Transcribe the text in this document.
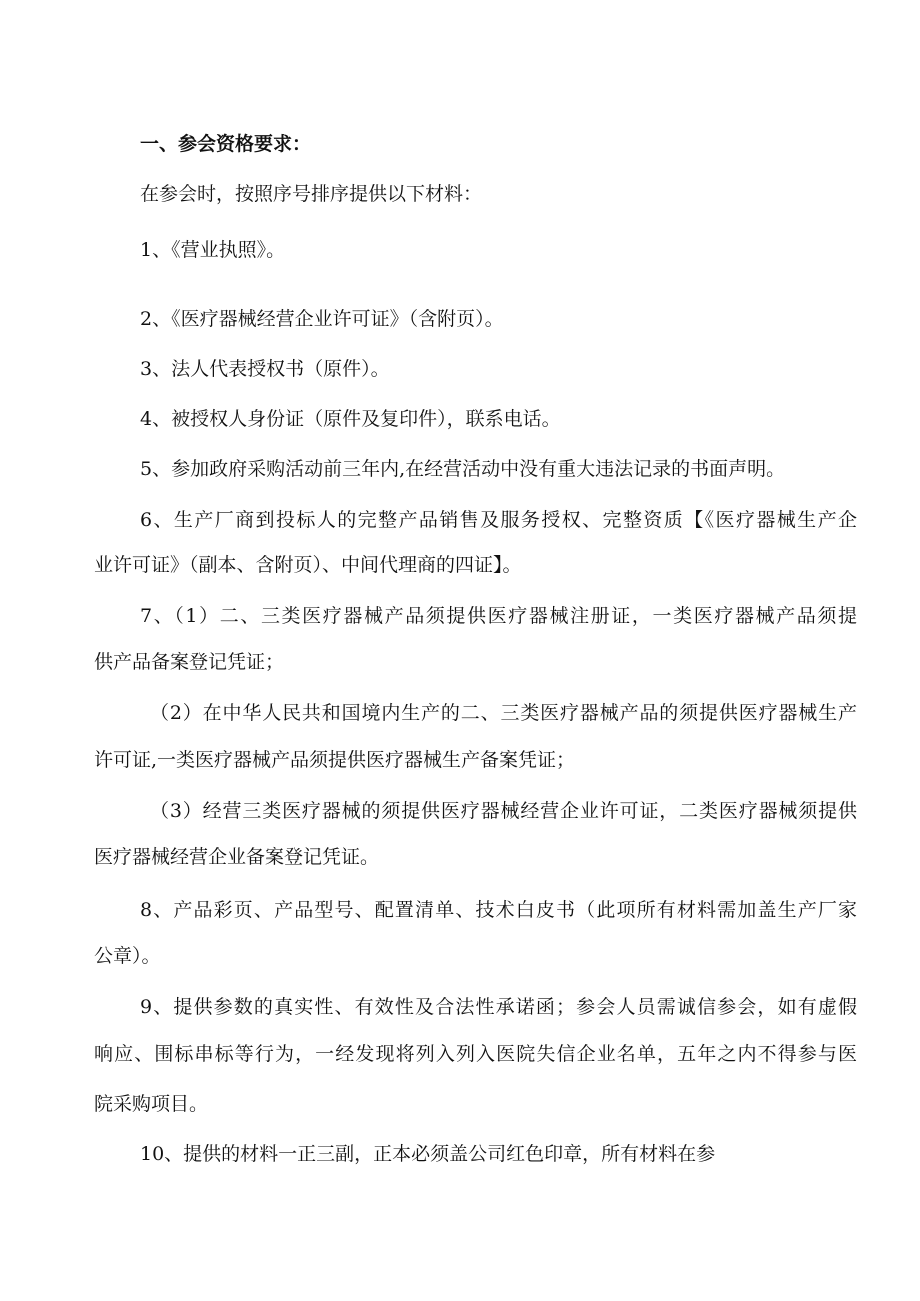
一、参会资格要求：
在参会时，按照序号排序提供以下材料：
1、《营业执照》。
2、《医疗器械经营企业许可证》（含附页）。
3、法人代表授权书（原件）。
4、被授权人身份证（原件及复印件），联系电话。
5、参加政府采购活动前三年内,在经营活动中没有重大违法记录的书面声明。
6、生产厂商到投标人的完整产品销售及服务授权、完整资质【《医疗器械生产企
业许可证》（副本、含附页）、中间代理商的四证】。
7、（1）二、三类医疗器械产品须提供医疗器械注册证，一类医疗器械产品须提
供产品备案登记凭证；
（2）在中华人民共和国境内生产的二、三类医疗器械产品的须提供医疗器械生产
许可证,一类医疗器械产品须提供医疗器械生产备案凭证；
（3）经营三类医疗器械的须提供医疗器械经营企业许可证，二类医疗器械须提供
医疗器械经营企业备案登记凭证。
8、产品彩页、产品型号、配置清单、技术白皮书（此项所有材料需加盖生产厂家
公章）。
9、提供参数的真实性、有效性及合法性承诺函；参会人员需诚信参会，如有虚假
响应、围标串标等行为，一经发现将列入列入医院失信企业名单，五年之内不得参与医
院采购项目。
10、提供的材料一正三副，正本必须盖公司红色印章，所有材料在参
